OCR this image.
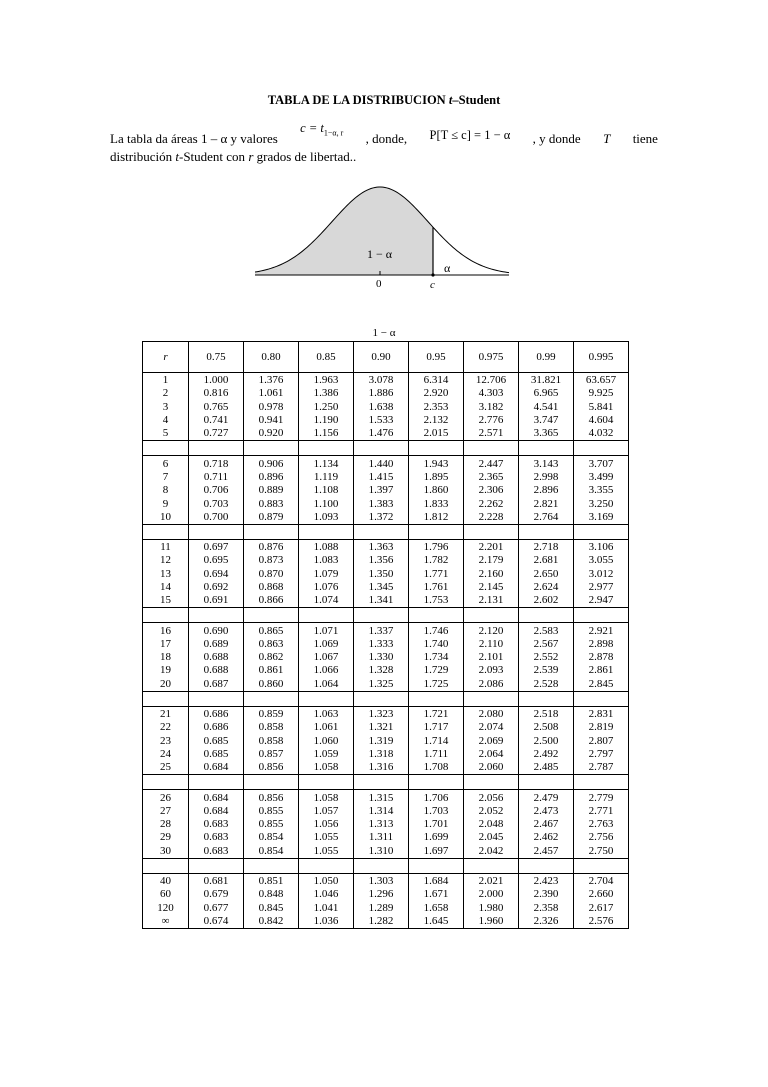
TABLA DE LA DISTRIBUCION t–Student
La tabla da áreas 1 – α y valores
$c = t_{1-\alpha, r}$ , donde, P[T ≤ c] = 1 − α , y donde T tiene
distribución t-Student con r grados de libertad..
1 − α
α
0	c
1 − α
r	0.75	0.80	0.85	0.90	0.95	0.975	0.99	0.995
1	1.000	1.376	1.963	3.078	6.314	12.706	31.821	63.657
2	0.816	1.061	1.386	1.886	2.920	4.303	6.965	9.925
3	0.765	0.978	1.250	1.638	2.353	3.182	4.541	5.841
4	0.741	0.941	1.190	1.533	2.132	2.776	3.747	4.604
5	0.727	0.920	1.156	1.476	2.015	2.571	3.365	4.032

6	0.718	0.906	1.134	1.440	1.943	2.447	3.143	3.707
7	0.711	0.896	1.119	1.415	1.895	2.365	2.998	3.499
8	0.706	0.889	1.108	1.397	1.860	2.306	2.896	3.355
9	0.703	0.883	1.100	1.383	1.833	2.262	2.821	3.250
10	0.700	0.879	1.093	1.372	1.812	2.228	2.764	3.169

11	0.697	0.876	1.088	1.363	1.796	2.201	2.718	3.106
12	0.695	0.873	1.083	1.356	1.782	2.179	2.681	3.055
13	0.694	0.870	1.079	1.350	1.771	2.160	2.650	3.012
14	0.692	0.868	1.076	1.345	1.761	2.145	2.624	2.977
15	0.691	0.866	1.074	1.341	1.753	2.131	2.602	2.947

16	0.690	0.865	1.071	1.337	1.746	2.120	2.583	2.921
17	0.689	0.863	1.069	1.333	1.740	2.110	2.567	2.898
18	0.688	0.862	1.067	1.330	1.734	2.101	2.552	2.878
19	0.688	0.861	1.066	1.328	1.729	2.093	2.539	2.861
20	0.687	0.860	1.064	1.325	1.725	2.086	2.528	2.845

21	0.686	0.859	1.063	1.323	1.721	2.080	2.518	2.831
22	0.686	0.858	1.061	1.321	1.717	2.074	2.508	2.819
23	0.685	0.858	1.060	1.319	1.714	2.069	2.500	2.807
24	0.685	0.857	1.059	1.318	1.711	2.064	2.492	2.797
25	0.684	0.856	1.058	1.316	1.708	2.060	2.485	2.787

26	0.684	0.856	1.058	1.315	1.706	2.056	2.479	2.779
27	0.684	0.855	1.057	1.314	1.703	2.052	2.473	2.771
28	0.683	0.855	1.056	1.313	1.701	2.048	2.467	2.763
29	0.683	0.854	1.055	1.311	1.699	2.045	2.462	2.756
30	0.683	0.854	1.055	1.310	1.697	2.042	2.457	2.750

40	0.681	0.851	1.050	1.303	1.684	2.021	2.423	2.704
60	0.679	0.848	1.046	1.296	1.671	2.000	2.390	2.660
120	0.677	0.845	1.041	1.289	1.658	1.980	2.358	2.617
∞	0.674	0.842	1.036	1.282	1.645	1.960	2.326	2.576
